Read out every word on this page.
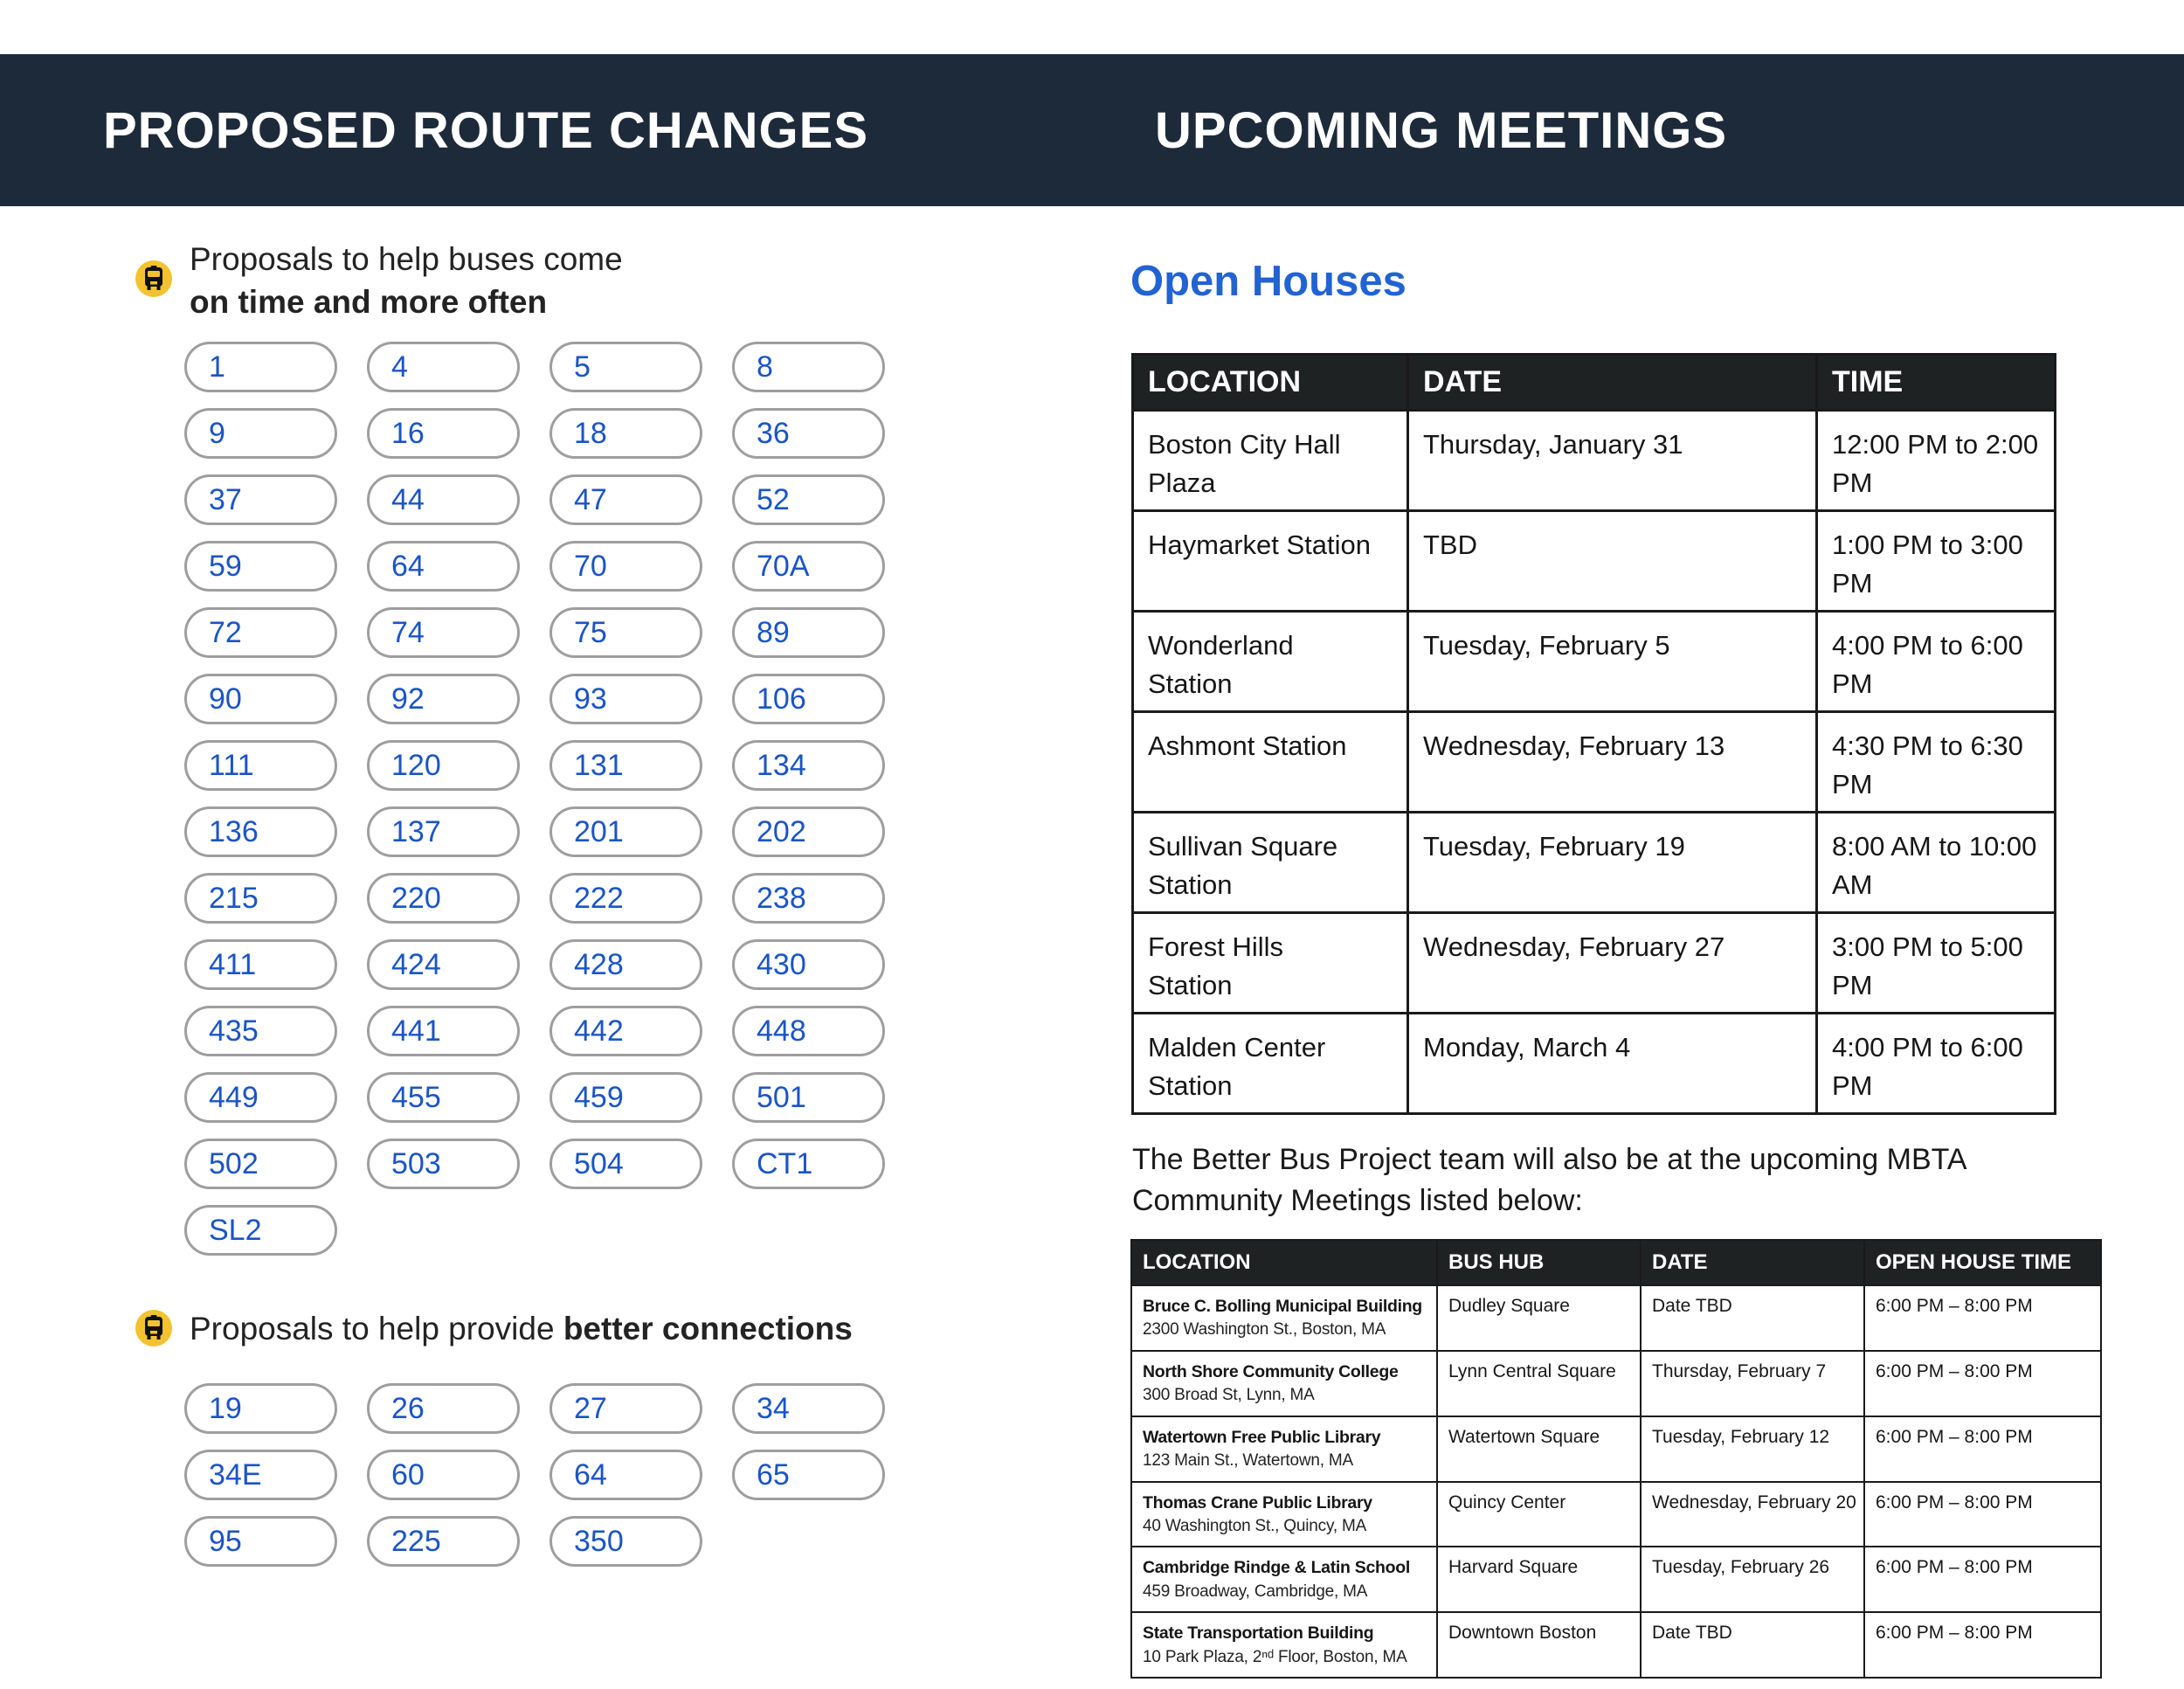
PROPOSED ROUTE CHANGES	UPCOMING MEETINGS
Proposals to help buses come
on time and more often
1	4	5	8
9	16	18	36
37	44	47	52
59	64	70	70A
72	74	75	89
90	92	93	106
111	120	131	134
136	137	201	202
215	220	222	238
411	424	428	430
435	441	442	448
449	455	459	501
502	503	504	CT1
SL2
Proposals to help provide better connections
19	26	27	34
34E	60	64	65
95	225	350
Open Houses
LOCATION	DATE	TIME
Boston City Hall Plaza	Thursday, January 31	12:00 PM to 2:00 PM
Haymarket Station	TBD	1:00 PM to 3:00 PM
Wonderland Station	Tuesday, February 5	4:00 PM to 6:00 PM
Ashmont Station	Wednesday, February 13	4:30 PM to 6:30 PM
Sullivan Square Station	Tuesday, February 19	8:00 AM to 10:00 AM
Forest Hills Station	Wednesday, February 27	3:00 PM to 5:00 PM
Malden Center Station	Monday, March 4	4:00 PM to 6:00 PM
The Better Bus Project team will also be at the upcoming MBTA Community Meetings listed below:
LOCATION	BUS HUB	DATE	OPEN HOUSE TIME

Bruce C. Bolling Municipal Building
2300 Washington St., Boston, MA	Dudley Square	Date TBD	6:00 PM – 8:00 PM

North Shore Community College
300 Broad St, Lynn, MA	Lynn Central Square	Thursday, February 7	6:00 PM – 8:00 PM

Watertown Free Public Library
123 Main St., Watertown, MA	Watertown Square	Tuesday, February 12	6:00 PM – 8:00 PM

Thomas Crane Public Library
40 Washington St., Quincy, MA	Quincy Center	Wednesday, February 20	6:00 PM – 8:00 PM

Cambridge Rindge & Latin School
459 Broadway, Cambridge, MA	Harvard Square	Tuesday, February 26	6:00 PM – 8:00 PM

State Transportation Building
10 Park Plaza, 2ⁿᵈ Floor, Boston, MA	Downtown Boston	Date TBD	6:00 PM – 8:00 PM
